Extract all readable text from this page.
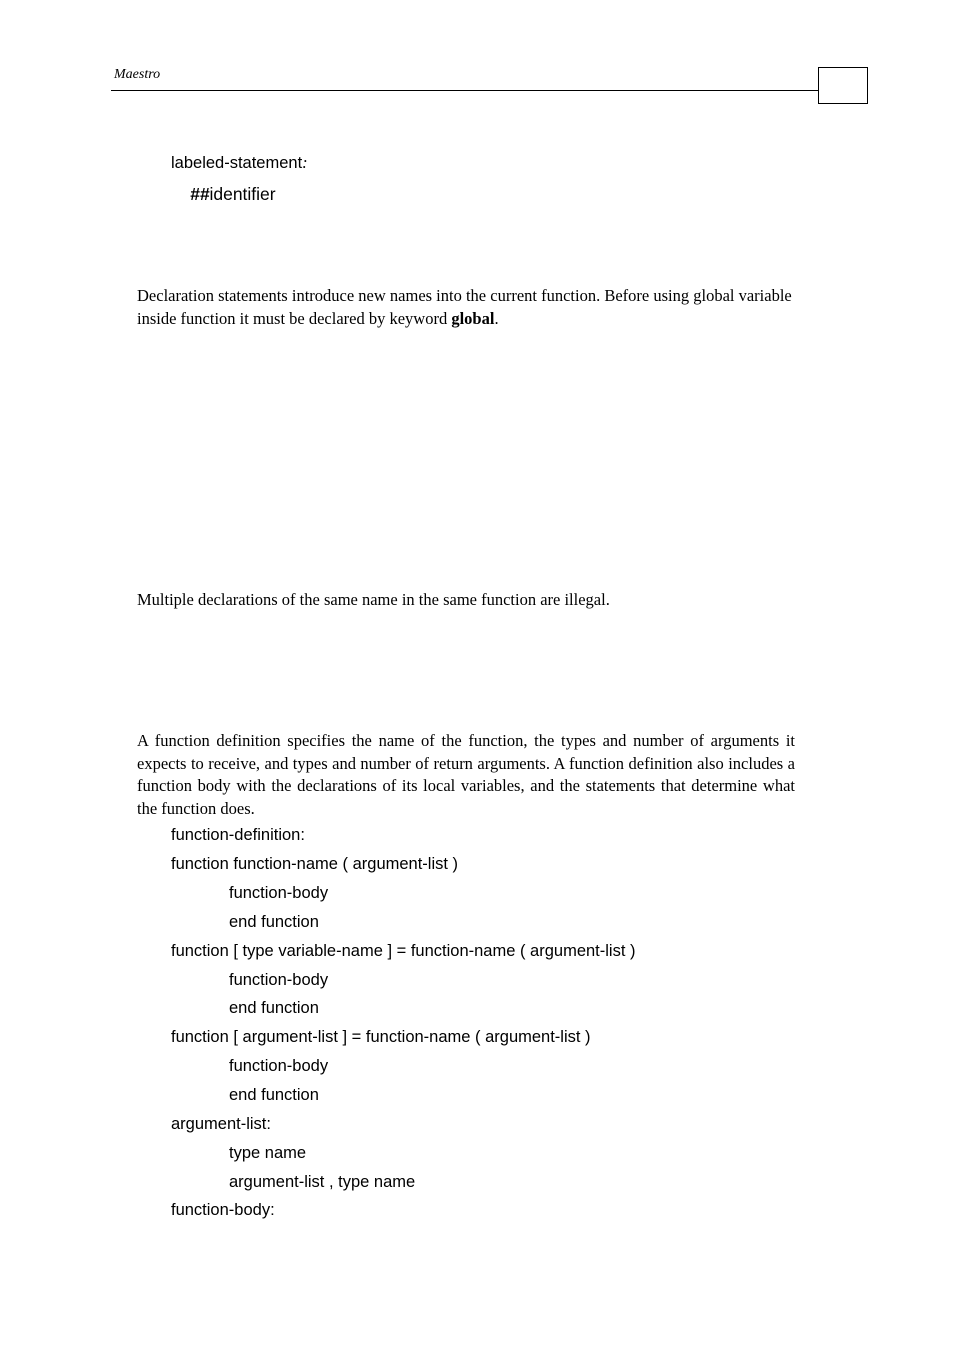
Maestro
labeled-statement:
##identifier
Declaration statements introduce new names into the current function. Before using global variable inside function it must be declared by keyword global.
Multiple declarations of the same name in the same function are illegal.
A function definition specifies the name of the function, the types and number of arguments it expects to receive, and types and number of return arguments. A function definition also includes a function body with the declarations of its local variables, and the statements that determine what the function does.
function-definition:
function function-name ( argument-list )
function-body
end function
function [ type variable-name ] = function-name ( argument-list )
function-body
end function
function [ argument-list ] = function-name ( argument-list )
function-body
end function
argument-list:
type name
argument-list , type name
function-body:
